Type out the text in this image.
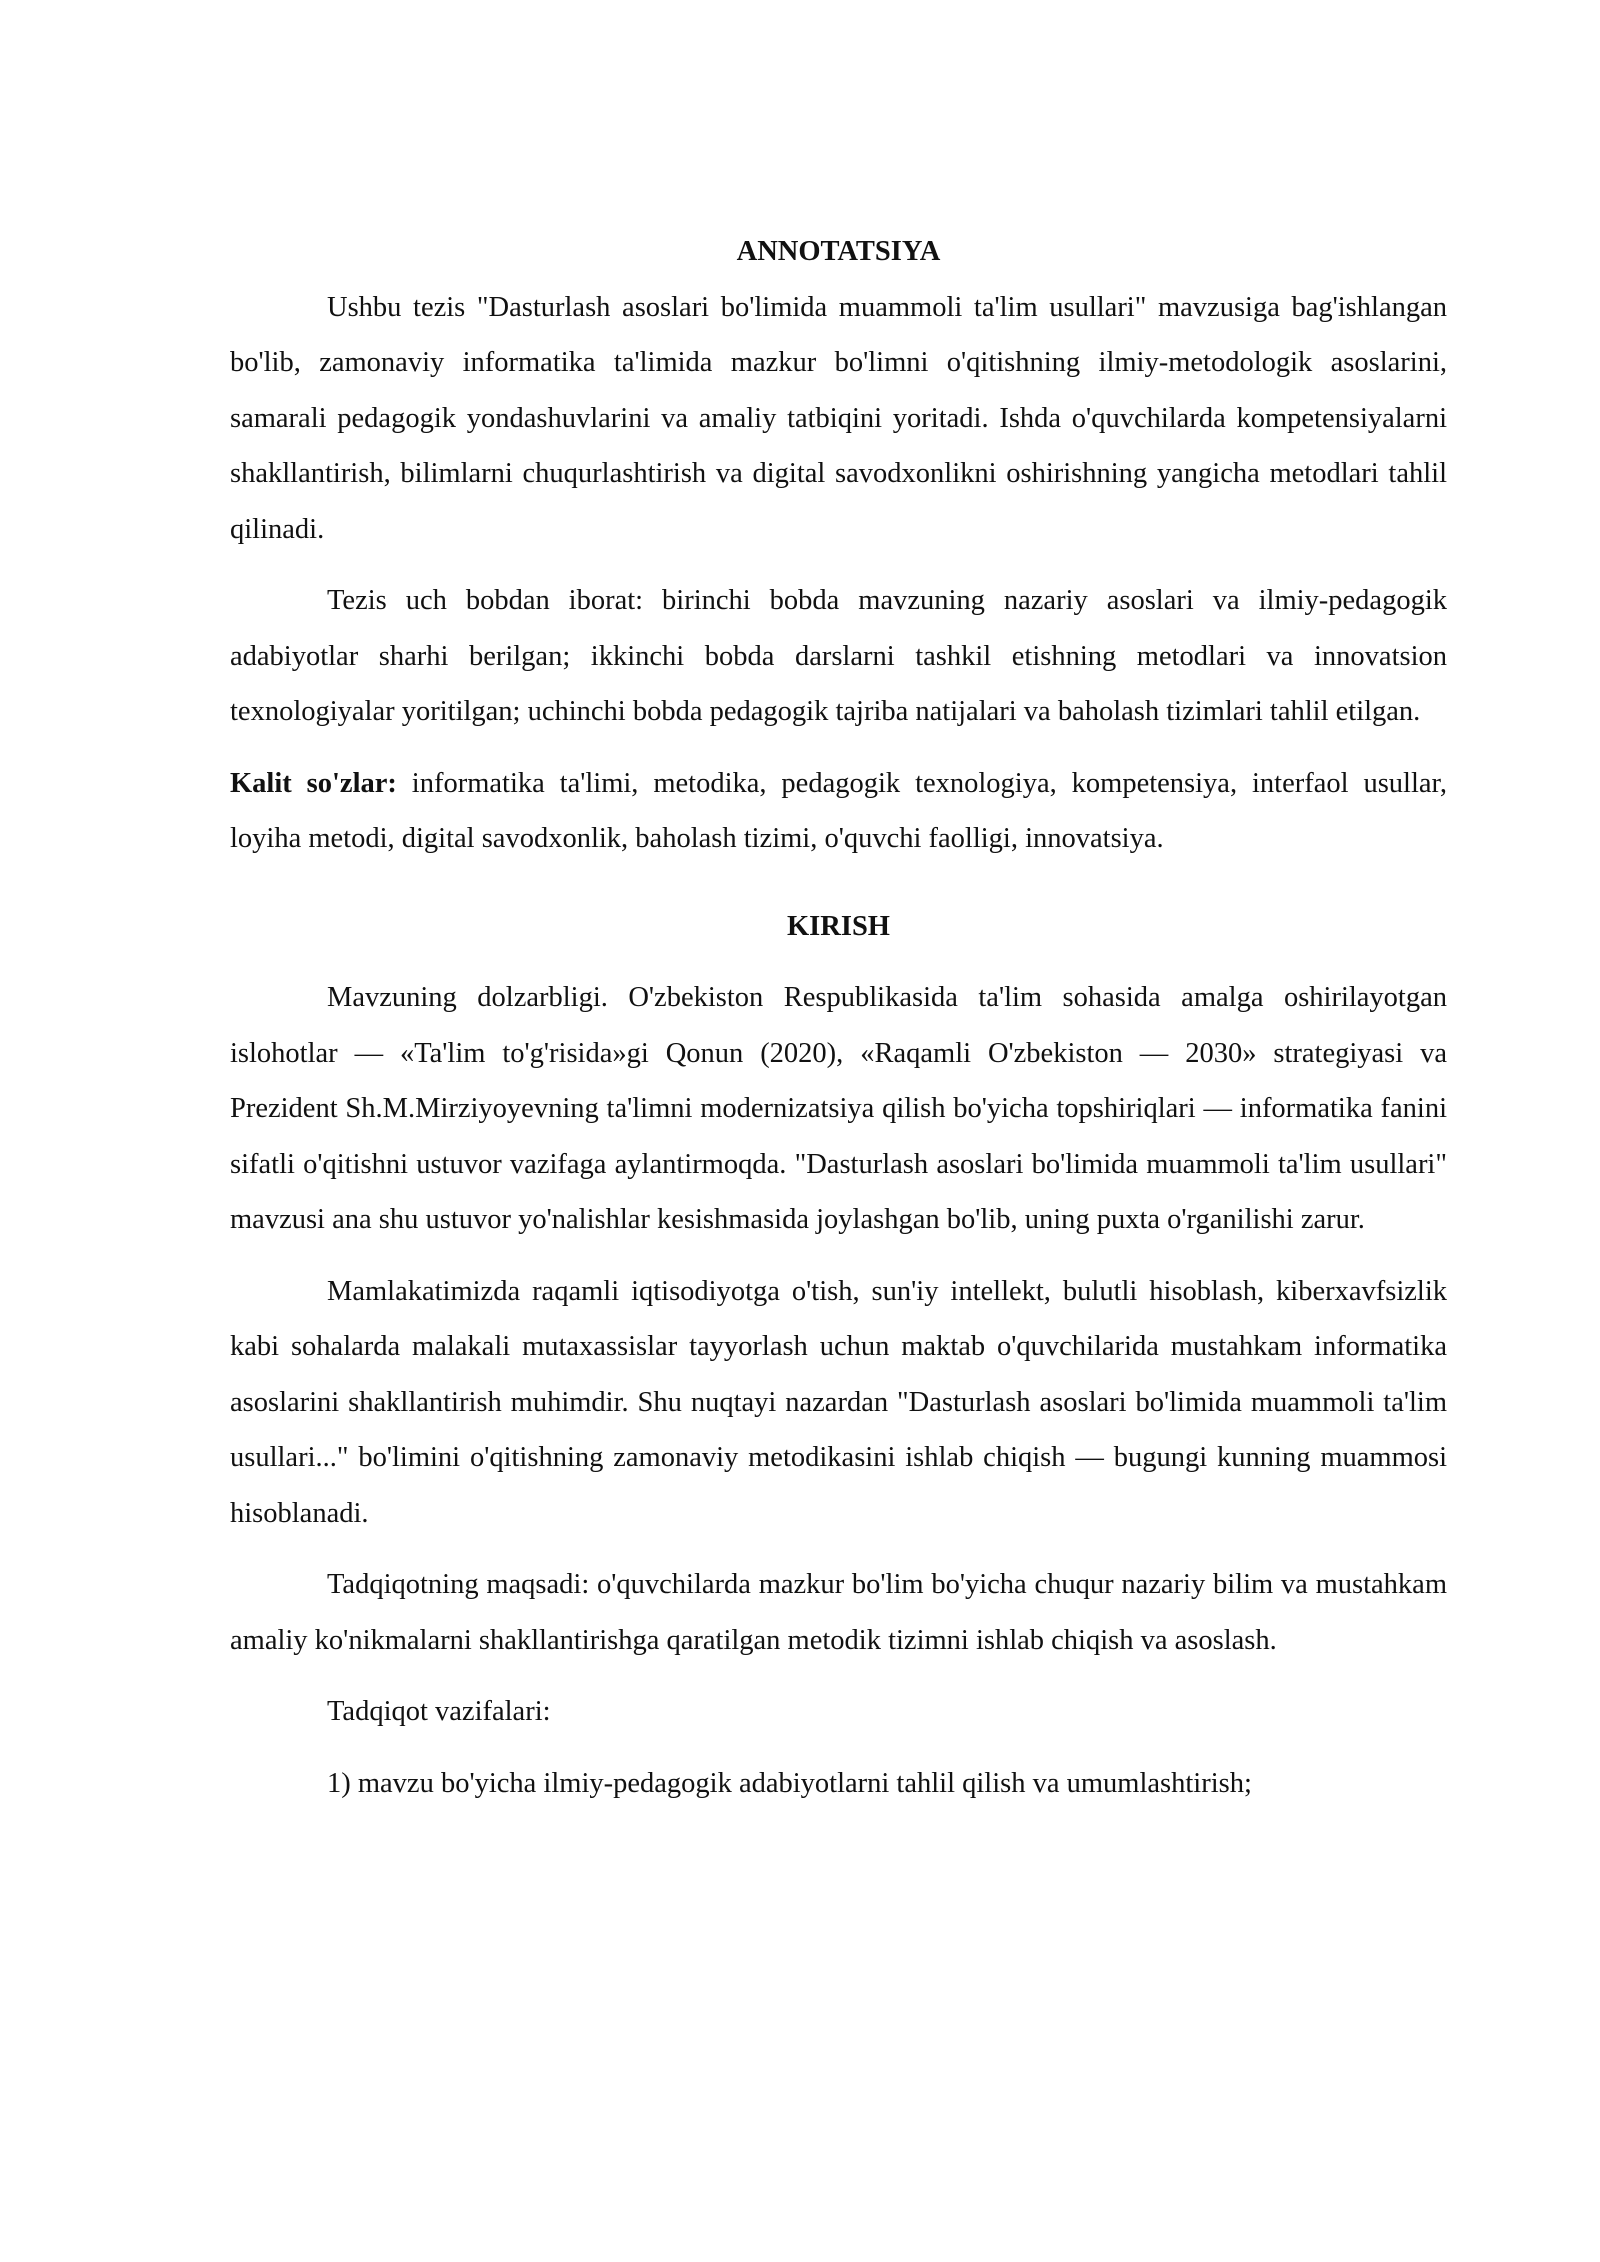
ANNOTATSIYA

Ushbu tezis "Dasturlash asoslari bo'limida muammoli ta'lim usullari" mavzusiga bag'ishlangan bo'lib, zamonaviy informatika ta'limida mazkur bo'limni o'qitishning ilmiy-metodologik asoslarini, samarali pedagogik yondashuvlarini va amaliy tatbiqini yoritadi. Ishda o'quvchilarda kompetensiyalarni shakllantirish, bilimlarni chuqurlashtirish va digital savodxonlikni oshirishning yangicha metodlari tahlil qilinadi.

Tezis uch bobdan iborat: birinchi bobda mavzuning nazariy asoslari va ilmiy-pedagogik adabiyotlar sharhi berilgan; ikkinchi bobda darslarni tashkil etishning metodlari va innovatsion texnologiyalar yoritilgan; uchinchi bobda pedagogik tajriba natijalari va baholash tizimlari tahlil etilgan.

Kalit so'zlar: informatika ta'limi, metodika, pedagogik texnologiya, kompetensiya, interfaol usullar, loyiha metodi, digital savodxonlik, baholash tizimi, o'quvchi faolligi, innovatsiya.

KIRISH

Mavzuning dolzarbligi. O'zbekiston Respublikasida ta'lim sohasida amalga oshirilayotgan islohotlar — «Ta'lim to'g'risida»gi Qonun (2020), «Raqamli O'zbekiston — 2030» strategiyasi va Prezident Sh.M.Mirziyoyevning ta'limni modernizatsiya qilish bo'yicha topshiriqlari — informatika fanini sifatli o'qitishni ustuvor vazifaga aylantirmoqda. "Dasturlash asoslari bo'limida muammoli ta'lim usullari" mavzusi ana shu ustuvor yo'nalishlar kesishmasida joylashgan bo'lib, uning puxta o'rganilishi zarur.

Mamlakatimizda raqamli iqtisodiyotga o'tish, sun'iy intellekt, bulutli hisoblash, kiberxavfsizlik kabi sohalarda malakali mutaxassislar tayyorlash uchun maktab o'quvchilarida mustahkam informatika asoslarini shakllantirish muhimdir. Shu nuqtayi nazardan "Dasturlash asoslari bo'limida muammoli ta'lim usullari..." bo'limini o'qitishning zamonaviy metodikasini ishlab chiqish — bugungi kunning muammosi hisoblanadi.

Tadqiqotning maqsadi: o'quvchilarda mazkur bo'lim bo'yicha chuqur nazariy bilim va mustahkam amaliy ko'nikmalarni shakllantirishga qaratilgan metodik tizimni ishlab chiqish va asoslash.

Tadqiqot vazifalari:

1) mavzu bo'yicha ilmiy-pedagogik adabiyotlarni tahlil qilish va umumlashtirish;
